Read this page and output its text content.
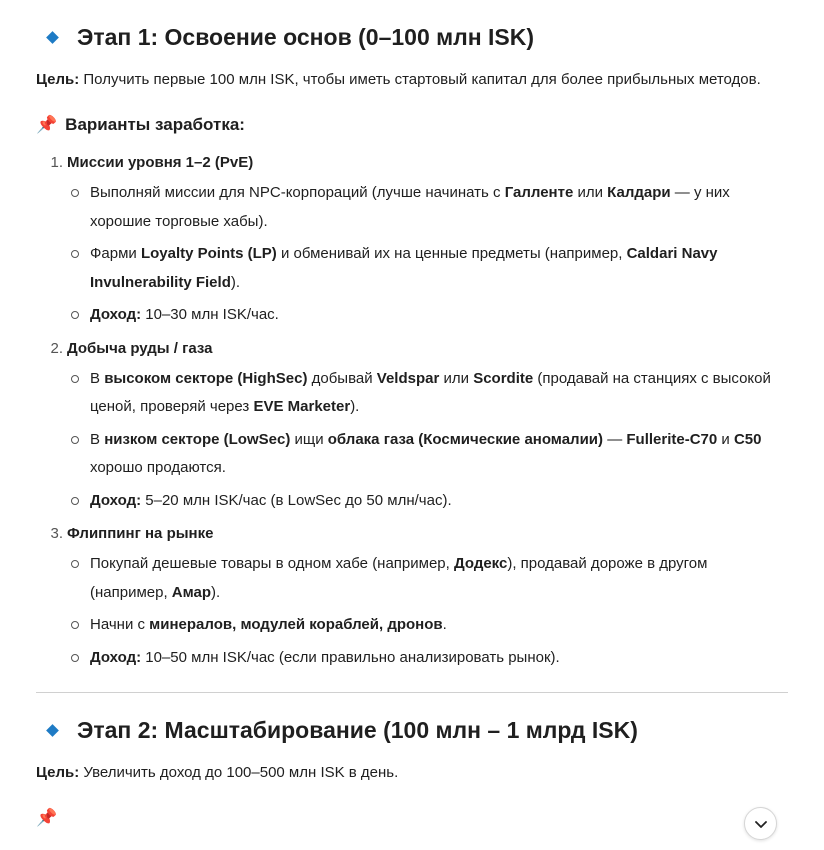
Этап 1: Освоение основ (0–100 млн ISK)

Цель: Получить первые 100 млн ISK, чтобы иметь стартовый капитал для более прибыльных методов.

📌 Варианты заработка:
1. Миссии уровня 1–2 (PvE)
Выполняй миссии для NPC-корпораций (лучше начинать с Галленте или Калдари — у них хорошие торговые хабы).
Фарми Loyalty Points (LP) и обменивай их на ценные предметы (например, Caldari Navy Invulnerability Field).
Доход: 10–30 млн ISK/час.
2. Добыча руды / газа
В высоком секторе (HighSec) добывай Veldspar или Scordite (продавай на станциях с высокой ценой, проверяй через EVE Marketer).
В низком секторе (LowSec) ищи облака газа (Космические аномалии) — Fullerite-C70 и C50 хорошо продаются.
Доход: 5–20 млн ISK/час (в LowSec до 50 млн/час).
3. Флиппинг на рынке
Покупай дешевые товары в одном хабе (например, Додекс), продавай дороже в другом (например, Амар).
Начни с минералов, модулей кораблей, дронов.
Доход: 10–50 млн ISK/час (если правильно анализировать рынок).
Этап 2: Масштабирование (100 млн – 1 млрд ISK)

Цель: Увеличить доход до 100–500 млн ISK в день.

📌
